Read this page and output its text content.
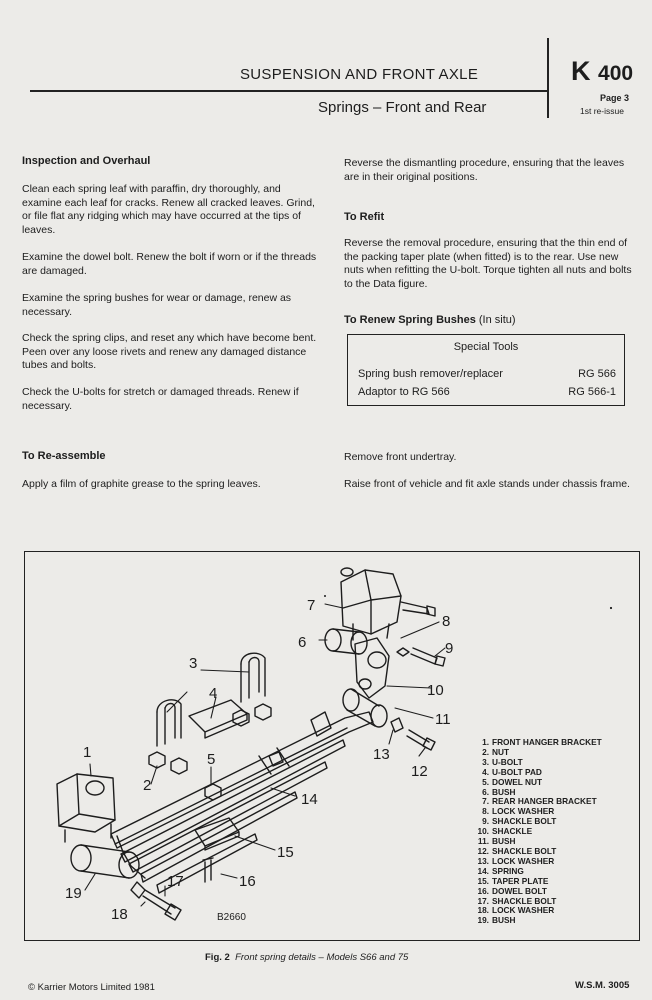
SUSPENSION AND FRONT AXLE
Springs – Front and Rear
K 400
Page 3
1st re-issue
Inspection and Overhaul
Clean each spring leaf with paraffin, dry thoroughly, and examine each leaf for cracks. Renew all cracked leaves. Grind, or file flat any ridging which may have occurred at the tips of leaves.
Examine the dowel bolt. Renew the bolt if worn or if the threads are damaged.
Examine the spring bushes for wear or damage, renew as necessary.
Check the spring clips, and reset any which have become bent. Peen over any loose rivets and renew any damaged distance tubes and bolts.
Check the U-bolts for stretch or damaged threads. Renew if necessary.
To Re-assemble
Apply a film of graphite grease to the spring leaves.
Reverse the dismantling procedure, ensuring that the leaves are in their original positions.
To Refit
Reverse the removal procedure, ensuring that the thin end of the packing taper plate (when fitted) is to the rear. Use new nuts when refitting the U-bolt. Torque tighten all nuts and bolts to the Data figure.
To Renew Spring Bushes (In situ)
Special Tools
Spring bush remover/replacer	RG 566
Adaptor to RG 566	RG 566-1
Remove front undertray.
Raise front of vehicle and fit axle stands under chassis frame.
1
2
3
4
5
6
7
8
9
10
11
12
13
14
15
16
17
18
19
B2660
1. FRONT HANGER BRACKET
2. NUT
3. U-BOLT
4. U-BOLT PAD
5. DOWEL NUT
6. BUSH
7. REAR HANGER BRACKET
8. LOCK WASHER
9. SHACKLE BOLT
10. SHACKLE
11. BUSH
12. SHACKLE BOLT
13. LOCK WASHER
14. SPRING
15. TAPER PLATE
16. DOWEL BOLT
17. SHACKLE BOLT
18. LOCK WASHER
19. BUSH
Fig. 2 Front spring details – Models S66 and 75
© Karrier Motors Limited 1981	W.S.M. 3005
